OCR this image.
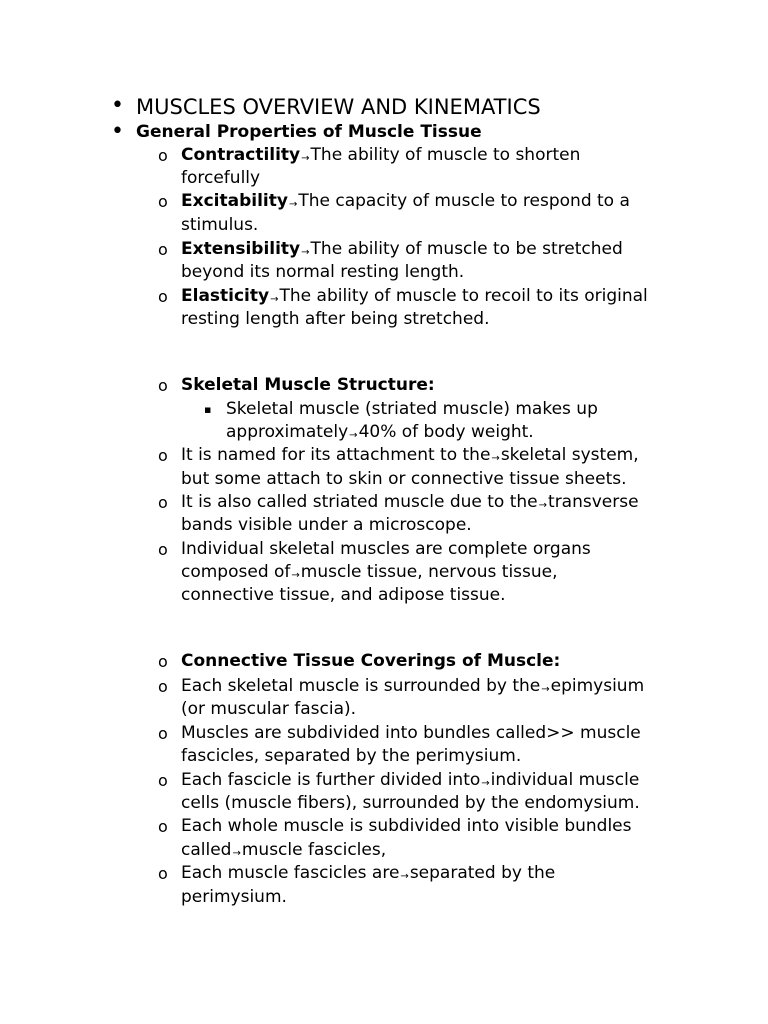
• MUSCLES OVERVIEW AND KINEMATICS
• General Properties of Muscle Tissue
o Contractility→The ability of muscle to shorten
forcefully
o Excitability→The capacity of muscle to respond to a
stimulus.
o Extensibility→The ability of muscle to be stretched
beyond its normal resting length.
o Elasticity→The ability of muscle to recoil to its original
resting length after being stretched.
o Skeletal Muscle Structure:
▪ Skeletal muscle (striated muscle) makes up
approximately→40% of body weight.
o It is named for its attachment to the→skeletal system,
but some attach to skin or connective tissue sheets.
o It is also called striated muscle due to the→transverse
bands visible under a microscope.
o Individual skeletal muscles are complete organs
composed of→muscle tissue, nervous tissue,
connective tissue, and adipose tissue.
o Connective Tissue Coverings of Muscle:
o Each skeletal muscle is surrounded by the→epimysium
(or muscular fascia).
o Muscles are subdivided into bundles called>> muscle
fascicles, separated by the perimysium.
o Each fascicle is further divided into→individual muscle
cells (muscle fibers), surrounded by the endomysium.
o Each whole muscle is subdivided into visible bundles
called→muscle fascicles,
o Each muscle fascicles are→separated by the
perimysium.
